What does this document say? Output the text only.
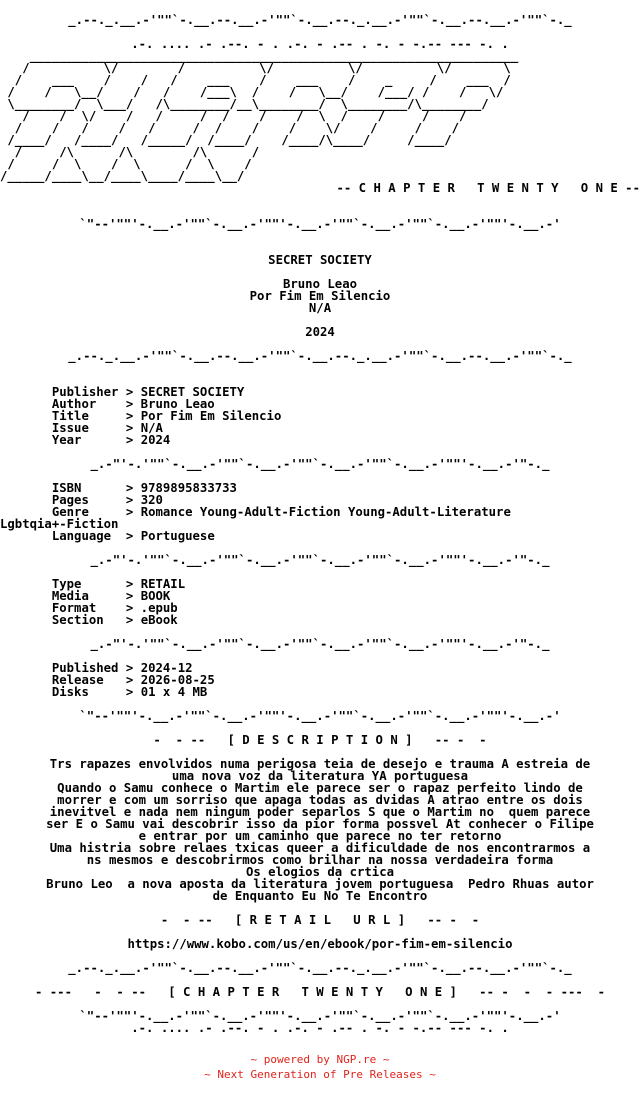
_.--._.__.-'""`-.__.--.__.-'""`-.__.--._.__.-'""`-.__.--.__.-'""`-._

.-. .... .- .--. - . .-. - .-- . -. - -.-- --- -. .
__________________________________________________________________
/          \/        /          \/          \/          \/       \
/    ___    /    /   /    ___    /    ___    /    _     /    ___  /
/    /   \__/    /   /    /___\  /    /   \__/    /___/ /    /   \/
\________/  \___/   /\________/__\________/  \________/\________/
/    /  \/    /   /     /  /    /    /  \  /    /     /    /
/    /   /    /   /     /  /    /    /    \/    /     /    /
/____/   /____/   /_____/  /____/    /____/\____/     /____/
/     /\      /\        /\      /
/     /  \    /  \      /  \    /
/_____/____\__/____\____/____\__/
-- C H A P T E R   T W E N T Y   O N E --

`"--'""'-.__.-'""`-.__.-'""'-.__.-'""`-.__.-'""`-.__.-'""'-.__.-'

SECRET SOCIETY

Bruno Leao
Por Fim Em Silencio
N/A

2024

_.--._.__.-'""`-.__.--.__.-'""`-.__.--._.__.-'""`-.__.--.__.-'""`-._

Publisher > SECRET SOCIETY
Author    > Bruno Leao
Title     > Por Fim Em Silencio
Issue     > N/A
Year      > 2024

_.-"'-.'""`-.__.-'""`-.__.-'""`-.__.-'""`-.__.-'""'-.__.-'"-._

ISBN      > 9789895833733
Pages     > 320
Genre     > Romance Young-Adult-Fiction Young-Adult-Literature
Lgbtqia+-Fiction
Language  > Portuguese

_.-"'-.'""`-.__.-'""`-.__.-'""`-.__.-'""`-.__.-'""'-.__.-'"-._

Type      > RETAIL
Media     > BOOK
Format    > .epub
Section   > eBook

_.-"'-.'""`-.__.-'""`-.__.-'""`-.__.-'""`-.__.-'""'-.__.-'"-._

Published > 2024-12
Release   > 2026-08-25
Disks     > 01 x 4 MB

`"--'""'-.__.-'""`-.__.-'""'-.__.-'""`-.__.-'""`-.__.-'""'-.__.-'

-  - --   [ D E S C R I P T I O N ]   -- -  -

Trs rapazes envolvidos numa perigosa teia de desejo e trauma A estreia de
uma nova voz da literatura YA portuguesa
Quando o Samu conhece o Martim ele parece ser o rapaz perfeito lindo de
morrer e com um sorriso que apaga todas as dvidas A atrao entre os dois
inevitvel e nada nem ningum poder separlos S que o Martim no  quem parece
ser E o Samu vai descobrir isso da pior forma possvel At conhecer o Filipe
e entrar por um caminho que parece no ter retorno
Uma histria sobre relaes txicas queer a dificuldade de nos encontrarmos a
ns mesmos e descobrirmos como brilhar na nossa verdadeira forma
Os elogios da crtica
Bruno Leo  a nova aposta da literatura jovem portuguesa  Pedro Rhuas autor
de Enquanto Eu No Te Encontro

-  - --   [ R E T A I L   U R L ]   -- -  -

https://www.kobo.com/us/en/ebook/por-fim-em-silencio

_.--._.__.-'""`-.__.--.__.-'""`-.__.--._.__.-'""`-.__.--.__.-'""`-._

- ---   -  - --   [ C H A P T E R   T W E N T Y   O N E ]   -- -  -  - ---  -

`"--'""'-.__.-'""`-.__.-'""'-.__.-'""`-.__.-'""`-.__.-'""'-.__.-'
.-. .... .- .--. - . .-. - .-- . -. - -.-- --- -. .
~ powered by NGP.re ~
~ Next Generation of Pre Releases ~
